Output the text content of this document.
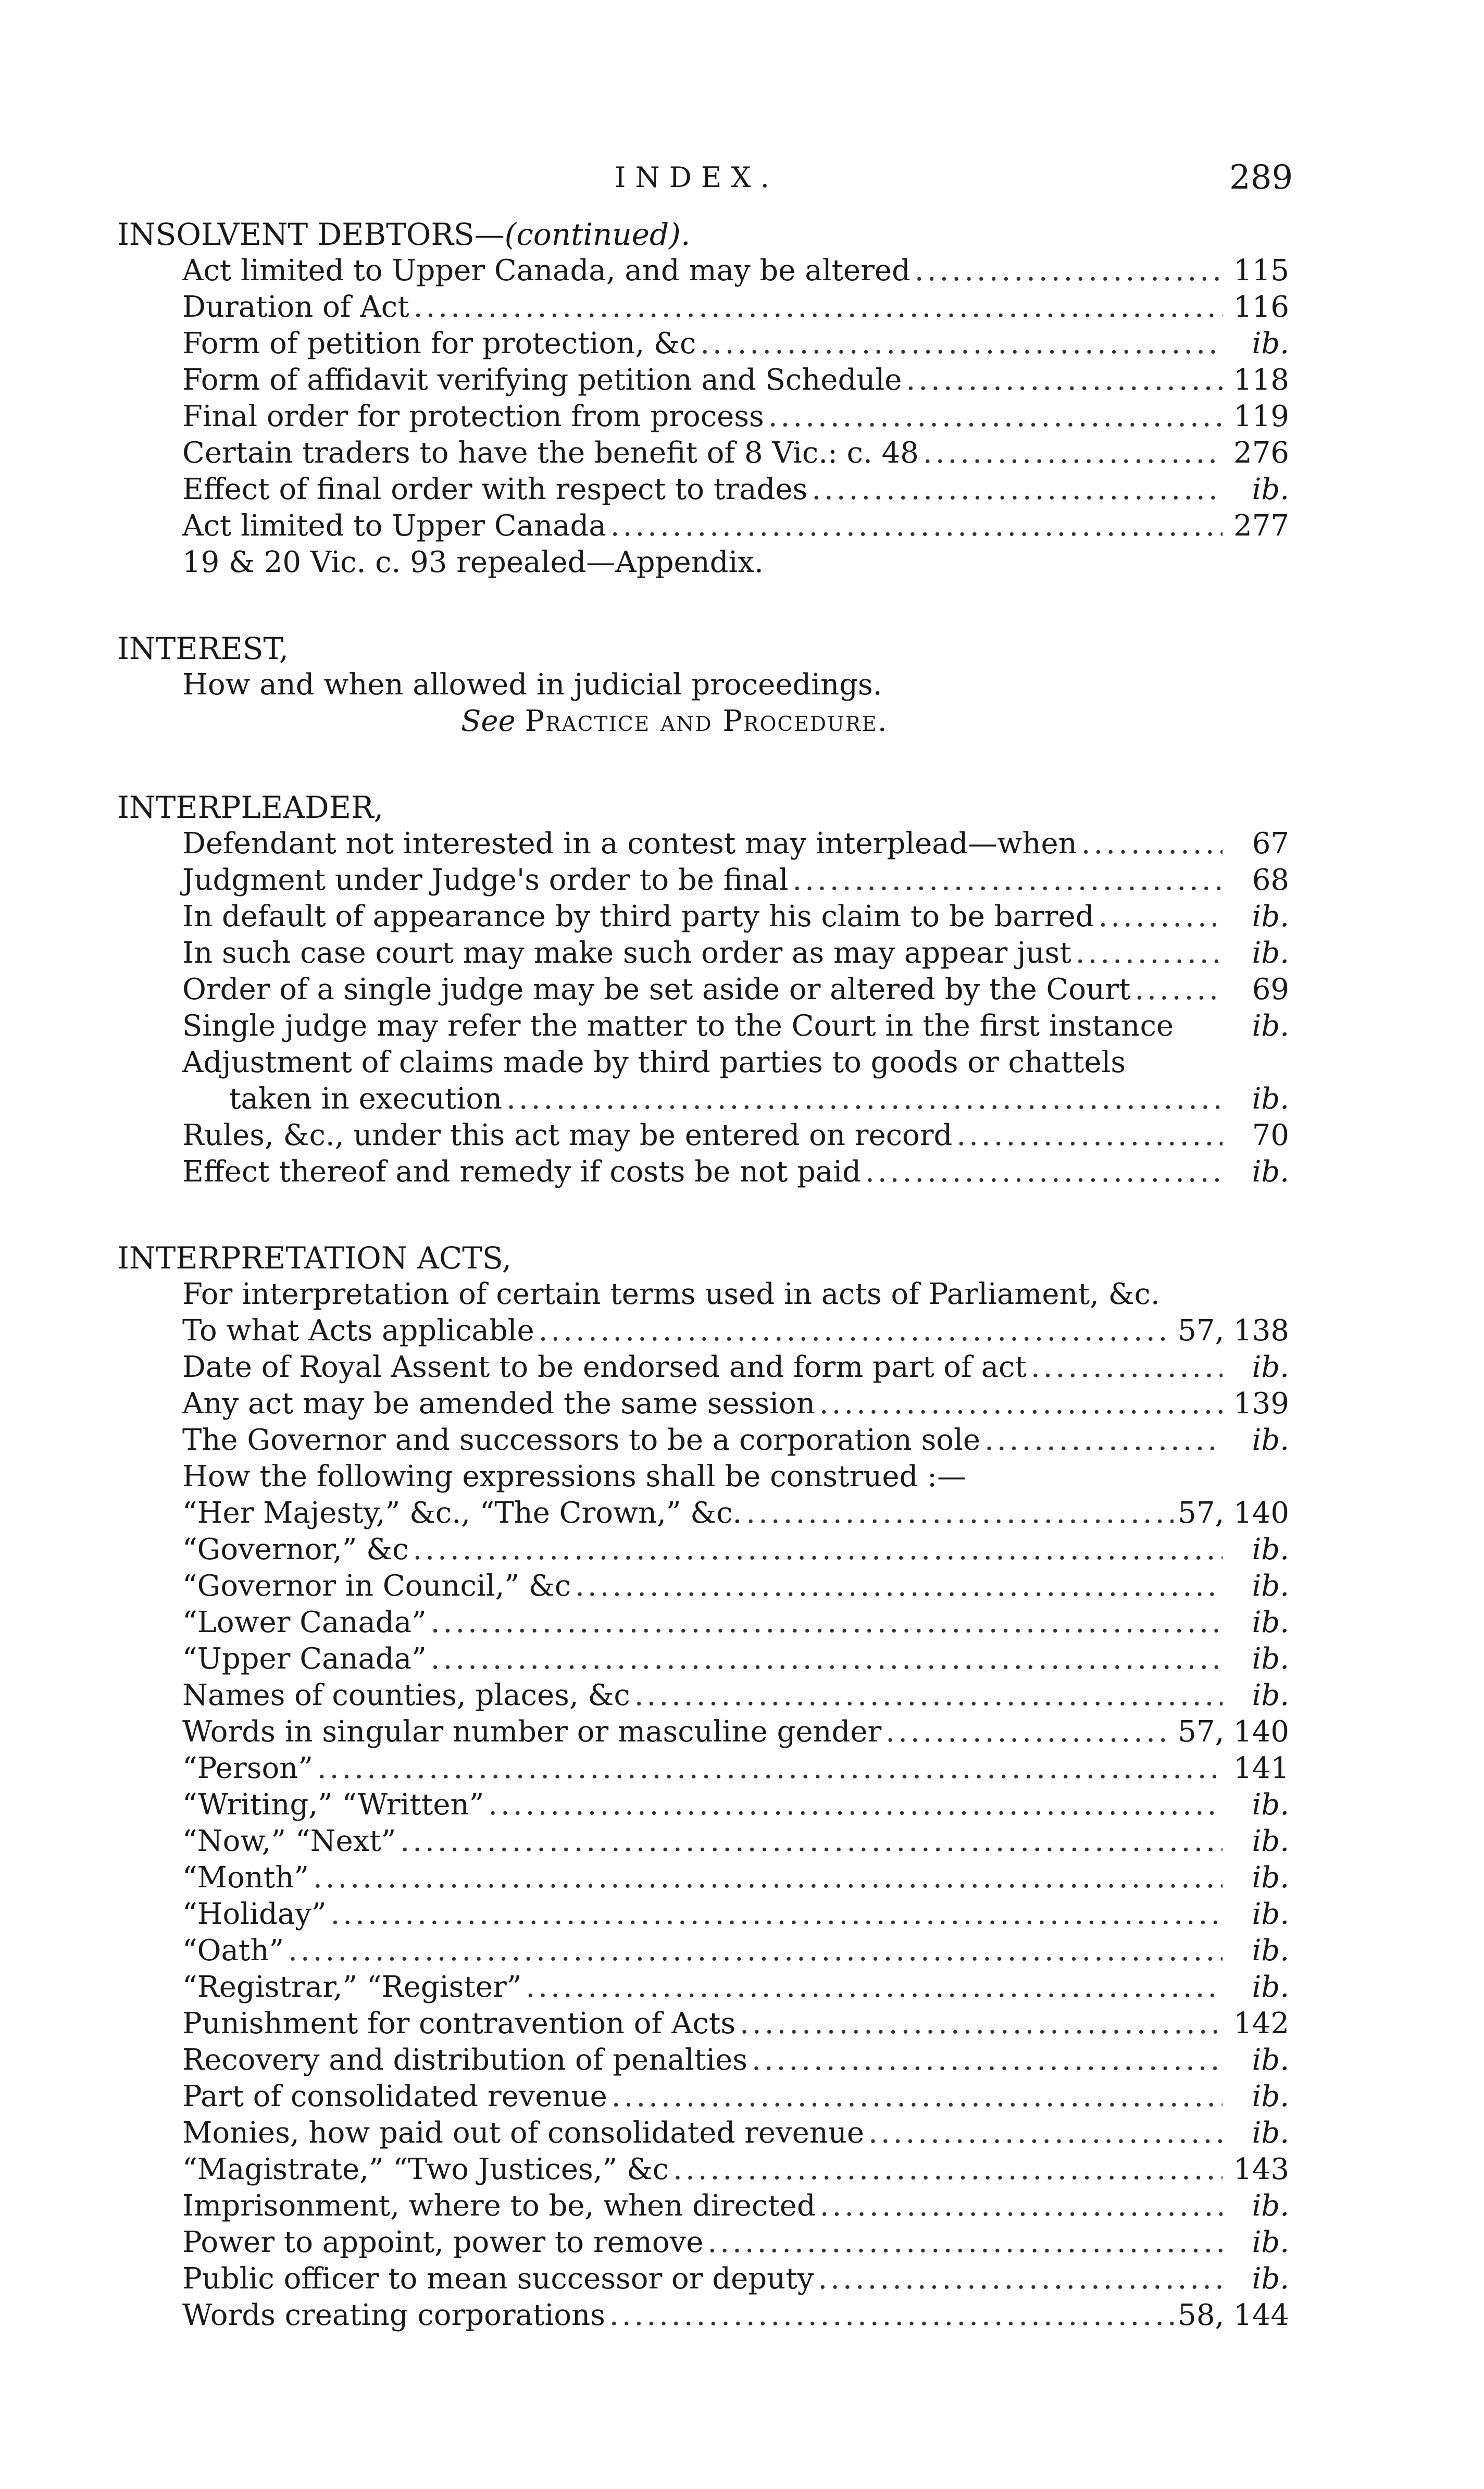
INDEX.	289
INSOLVENT DEBTORS—(continued).
Act limited to Upper Canada, and may be altered .....	115
Duration of Act .....	116
Form of petition for protection, &c .....	ib.
Form of affidavit verifying petition and Schedule .....	118
Final order for protection from process .....	119
Certain traders to have the benefit of 8 Vic.: c. 48 .....	276
Effect of final order with respect to trades .....	ib.
Act limited to Upper Canada .....	277
19 & 20 Vic. c. 93 repealed—Appendix.
INTEREST,
How and when allowed in judicial proceedings.
See Practice and Procedure.
INTERPLEADER,
Defendant not interested in a contest may interplead—when .....	67
Judgment under Judge's order to be final .....	68
In default of appearance by third party his claim to be barred .....	ib.
In such case court may make such order as may appear just .....	ib.
Order of a single judge may be set aside or altered by the Court .....	69
Single judge may refer the matter to the Court in the first instance	ib.
Adjustment of claims made by third parties to goods or chattels
taken in execution .....	ib.
Rules, &c., under this act may be entered on record .....	70
Effect thereof and remedy if costs be not paid .....	ib.
INTERPRETATION ACTS,
For interpretation of certain terms used in acts of Parliament, &c.
To what Acts applicable .....	57, 138
Date of Royal Assent to be endorsed and form part of act .....	ib.
Any act may be amended the same session .....	139
The Governor and successors to be a corporation sole .....	ib.
How the following expressions shall be construed :—
“Her Majesty,” &c., “The Crown,” &c. .....	57, 140
“Governor,” &c .....	ib.
“Governor in Council,” &c .....	ib.
“Lower Canada” .....	ib.
“Upper Canada” .....	ib.
Names of counties, places, &c .....	ib.
Words in singular number or masculine gender .....	57, 140
“Person” .....	141
“Writing,” “Written” .....	ib.
“Now,” “Next” .....	ib.
“Month” .....	ib.
“Holiday” .....	ib.
“Oath” .....	ib.
“Registrar,” “Register” .....	ib.
Punishment for contravention of Acts .....	142
Recovery and distribution of penalties .....	ib.
Part of consolidated revenue .....	ib.
Monies, how paid out of consolidated revenue .....	ib.
“Magistrate,” “Two Justices,” &c .....	143
Imprisonment, where to be, when directed .....	ib.
Power to appoint, power to remove .....	ib.
Public officer to mean successor or deputy .....	ib.
Words creating corporations .....	58, 144
